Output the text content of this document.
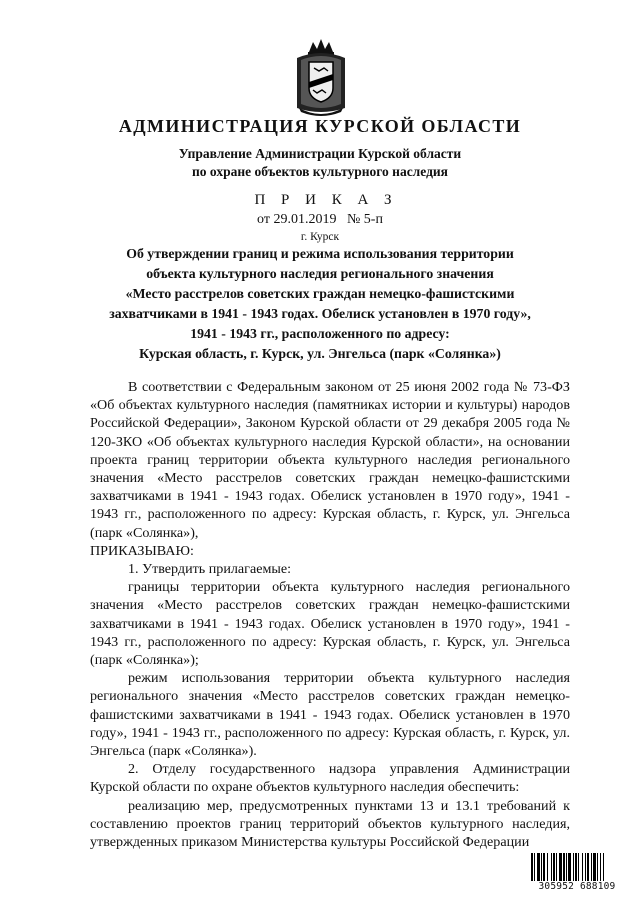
АДМИНИСТРАЦИЯ КУРСКОЙ ОБЛАСТИ
Управление Администрации Курской области
по охране объектов культурного наследия
П Р И К А З
от 29.01.2019   № 5-п
г. Курск
Об утверждении границ и режима использования территории
объекта культурного наследия регионального значения
«Место расстрелов советских граждан немецко-фашистскими
захватчиками в 1941 - 1943 годах. Обелиск установлен в 1970 году»,
1941 - 1943 гг., расположенного по адресу:
Курская область, г. Курск, ул. Энгельса (парк «Солянка»)

В соответствии с Федеральным законом от 25 июня 2002 года № 73-ФЗ «Об объектах культурного наследия (памятниках истории и культуры) народов Российской Федерации», Законом Курской области от 29 декабря 2005 года № 120-ЗКО «Об объектах культурного наследия Курской области», на основании проекта границ территории объекта культурного наследия регионального значения «Место расстрелов советских граждан немецко-фашистскими захватчиками в 1941 - 1943 годах. Обелиск установлен в 1970 году», 1941 - 1943 гг., расположенного по адресу: Курская область, г. Курск, ул. Энгельса (парк «Солянка»),

ПРИКАЗЫВАЮ:

1. Утвердить прилагаемые:

границы территории объекта культурного наследия регионального значения «Место расстрелов советских граждан немецко-фашистскими захватчиками в 1941 - 1943 годах. Обелиск установлен в 1970 году», 1941 - 1943 гг., расположенного по адресу: Курская область, г. Курск, ул. Энгельса (парк «Солянка»);

режим использования территории объекта культурного наследия регионального значения «Место расстрелов советских граждан немецко-фашистскими захватчиками в 1941 - 1943 годах. Обелиск установлен в 1970 году», 1941 - 1943 гг., расположенного по адресу: Курская область, г. Курск, ул. Энгельса (парк «Солянка»).

2. Отделу государственного надзора управления Администрации Курской области по охране объектов культурного наследия обеспечить:

реализацию мер, предусмотренных пунктами 13 и 13.1 требований к составлению проектов границ территорий объектов культурного наследия, утвержденных приказом Министерства культуры Российской Федерации

305952 688109
